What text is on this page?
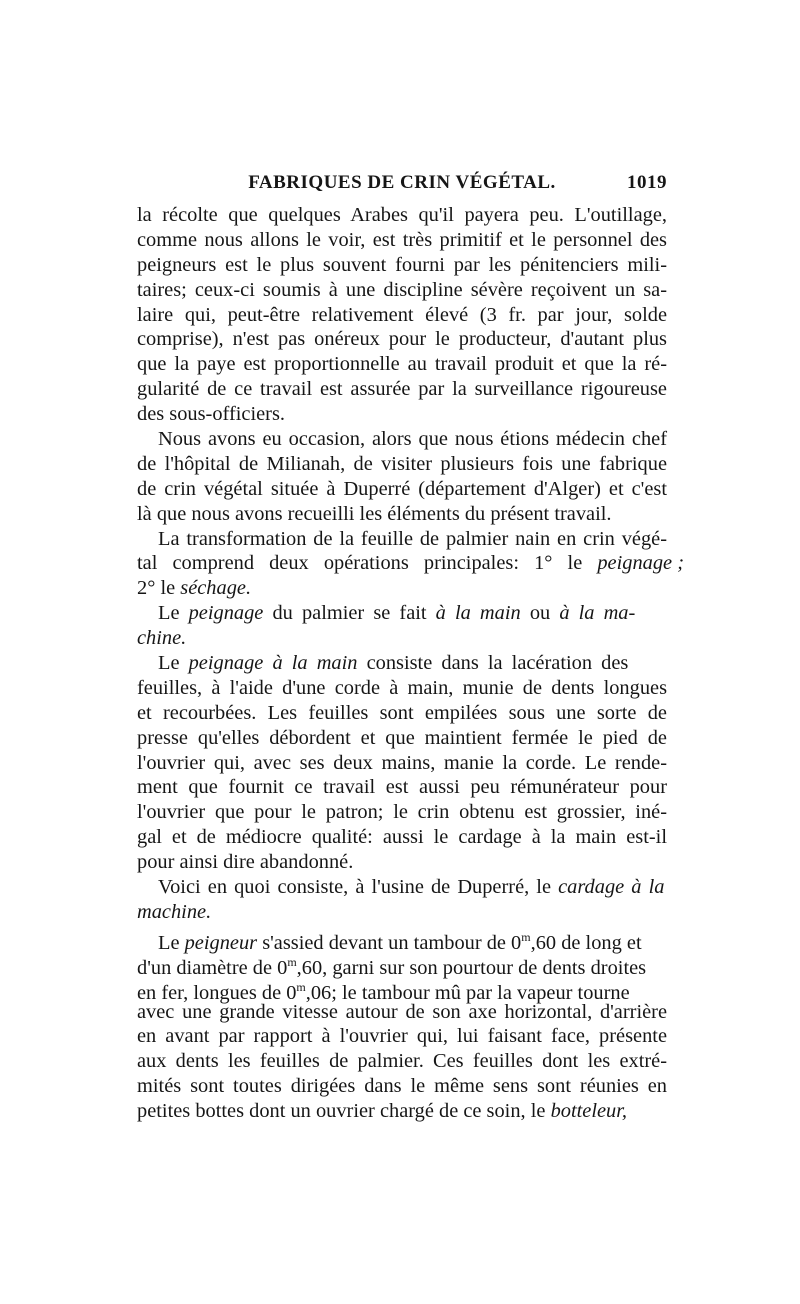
FABRIQUES DE CRIN VÉGÉTAL.	1019
la récolte que quelques Arabes qu'il payera peu. L'outillage,
comme nous allons le voir, est très primitif et le personnel des
peigneurs est le plus souvent fourni par les pénitenciers mili-
taires; ceux-ci soumis à une discipline sévère reçoivent un sa-
laire qui, peut-être relativement élevé (3 fr. par jour, solde
comprise), n'est pas onéreux pour le producteur, d'autant plus
que la paye est proportionnelle au travail produit et que la ré-
gularité de ce travail est assurée par la surveillance rigoureuse
des sous-officiers.
Nous avons eu occasion, alors que nous étions médecin chef
de l'hôpital de Milianah, de visiter plusieurs fois une fabrique
de crin végétal située à Duperré (département d'Alger) et c'est
là que nous avons recueilli les éléments du présent travail.
La transformation de la feuille de palmier nain en crin végé-
tal comprend deux opérations principales: 1° le peignage ;
2° le séchage.
Le peignage du palmier se fait à la main ou à la ma-
chine.
Le peignage à la main consiste dans la lacération des
feuilles, à l'aide d'une corde à main, munie de dents longues
et recourbées. Les feuilles sont empilées sous une sorte de
presse qu'elles débordent et que maintient fermée le pied de
l'ouvrier qui, avec ses deux mains, manie la corde. Le rende-
ment que fournit ce travail est aussi peu rémunérateur pour
l'ouvrier que pour le patron; le crin obtenu est grossier, iné-
gal et de médiocre qualité: aussi le cardage à la main est-il
pour ainsi dire abandonné.
Voici en quoi consiste, à l'usine de Duperré, le cardage à la
machine.
Le peigneur s'assied devant un tambour de 0$^m$,60 de long et
d'un diamètre de 0$^m$,60, garni sur son pourtour de dents droites
en fer, longues de 0$^m$,06; le tambour mû par la vapeur tourne
avec une grande vitesse autour de son axe horizontal, d'arrière
en avant par rapport à l'ouvrier qui, lui faisant face, présente
aux dents les feuilles de palmier. Ces feuilles dont les extré-
mités sont toutes dirigées dans le même sens sont réunies en
petites bottes dont un ouvrier chargé de ce soin, le botteleur,
